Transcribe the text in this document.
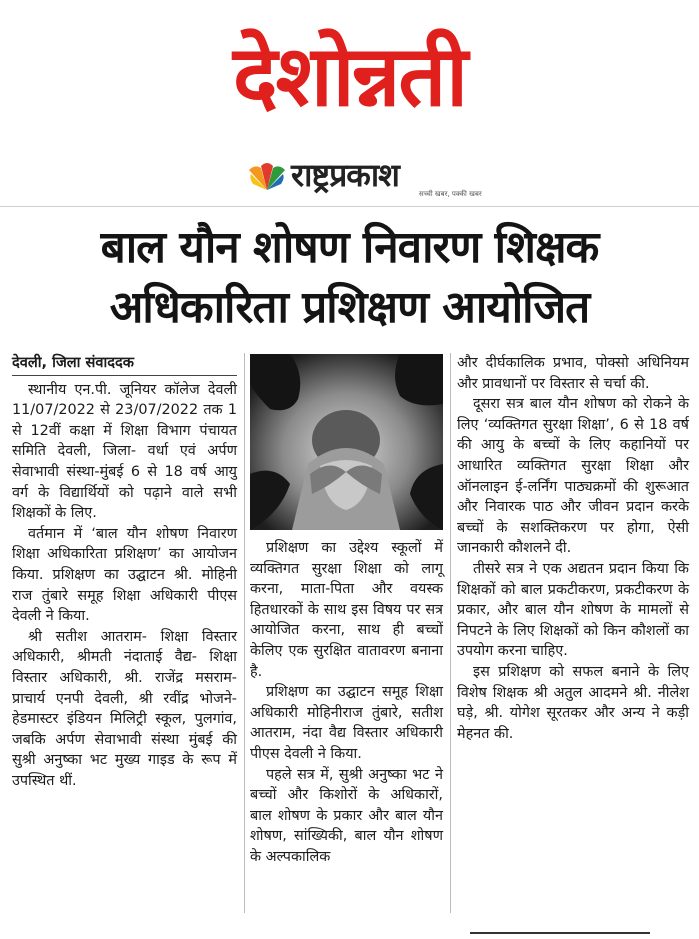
देशोन्नती
राष्ट्रप्रकाश	सच्ची खबर, पक्की खबर
बाल यौन शोषण निवारण शिक्षक
अधिकारिता प्रशिक्षण आयोजित

देवली, जिला संवाददक

स्थानीय एन.पी. जूनियर कॉलेज देवली 11/07/2022 से 23/07/2022 तक 1 से 12वीं कक्षा में शिक्षा विभाग पंचायत समिति देवली, जिला- वर्धा एवं अर्पण सेवाभावी संस्था-मुंबई 6 से 18 वर्ष आयु वर्ग के विद्यार्थियों को पढ़ाने वाले सभी शिक्षकों के लिए.

वर्तमान में ‘बाल यौन शोषण निवारण शिक्षा अधिकारिता प्रशिक्षण’ का आयोजन किया. प्रशिक्षण का उद्घाटन श्री. मोहिनी राज तुंबारे समूह शिक्षा अधिकारी पीएस देवली ने किया.

श्री सतीश आतराम- शिक्षा विस्तार अधिकारी, श्रीमती नंदाताई वैद्य- शिक्षा विस्तार अधिकारी, श्री. राजेंद्र मसराम- प्राचार्य एनपी देवली, श्री रवींद्र भोजने- हेडमास्टर इंडियन मिलिट्री स्कूल, पुलगांव, जबकि अर्पण सेवाभावी संस्था मुंबई की सुश्री अनुष्का भट मुख्य गाइड के रूप में उपस्थित थीं.

प्रशिक्षण का उद्देश्य स्कूलों में व्यक्तिगत सुरक्षा शिक्षा को लागू करना, माता-पिता और वयस्क हितधारकों के साथ इस विषय पर सत्र आयोजित करना, साथ ही बच्चों केलिए एक सुरक्षित वातावरण बनाना है.

प्रशिक्षण का उद्घाटन समूह शिक्षा अधिकारी मोहिनीराज तुंबारे, सतीश आतराम, नंदा वैद्य विस्तार अधिकारी पीएस देवली ने किया.

पहले सत्र में, सुश्री अनुष्का भट ने बच्चों और किशोरों के अधिकारों, बाल शोषण के प्रकार और बाल यौन शोषण, सांख्यिकी, बाल यौन शोषण के अल्पकालिक

और दीर्घकालिक प्रभाव, पोक्सो अधिनियम और प्रावधानों पर विस्तार से चर्चा की.

दूसरा सत्र बाल यौन शोषण को रोकने के लिए ‘व्यक्तिगत सुरक्षा शिक्षा’, 6 से 18 वर्ष की आयु के बच्चों के लिए कहानियों पर आधारित व्यक्तिगत सुरक्षा शिक्षा और ऑनलाइन ई-लर्निंग पाठ्यक्रमों की शुरूआत और निवारक पाठ और जीवन प्रदान करके बच्चों के सशक्तिकरण पर होगा, ऐसी जानकारी कौशलने दी.

तीसरे सत्र ने एक अद्यतन प्रदान किया कि शिक्षकों को बाल प्रकटीकरण, प्रकटीकरण के प्रकार, और बाल यौन शोषण के मामलों से निपटने के लिए शिक्षकों को किन कौशलों का उपयोग करना चाहिए.

इस प्रशिक्षण को सफल बनाने के लिए विशेष शिक्षक श्री अतुल आदमने श्री. नीलेश घड़े, श्री. योगेश सूरतकर और अन्य ने कड़ी मेहनत की.
